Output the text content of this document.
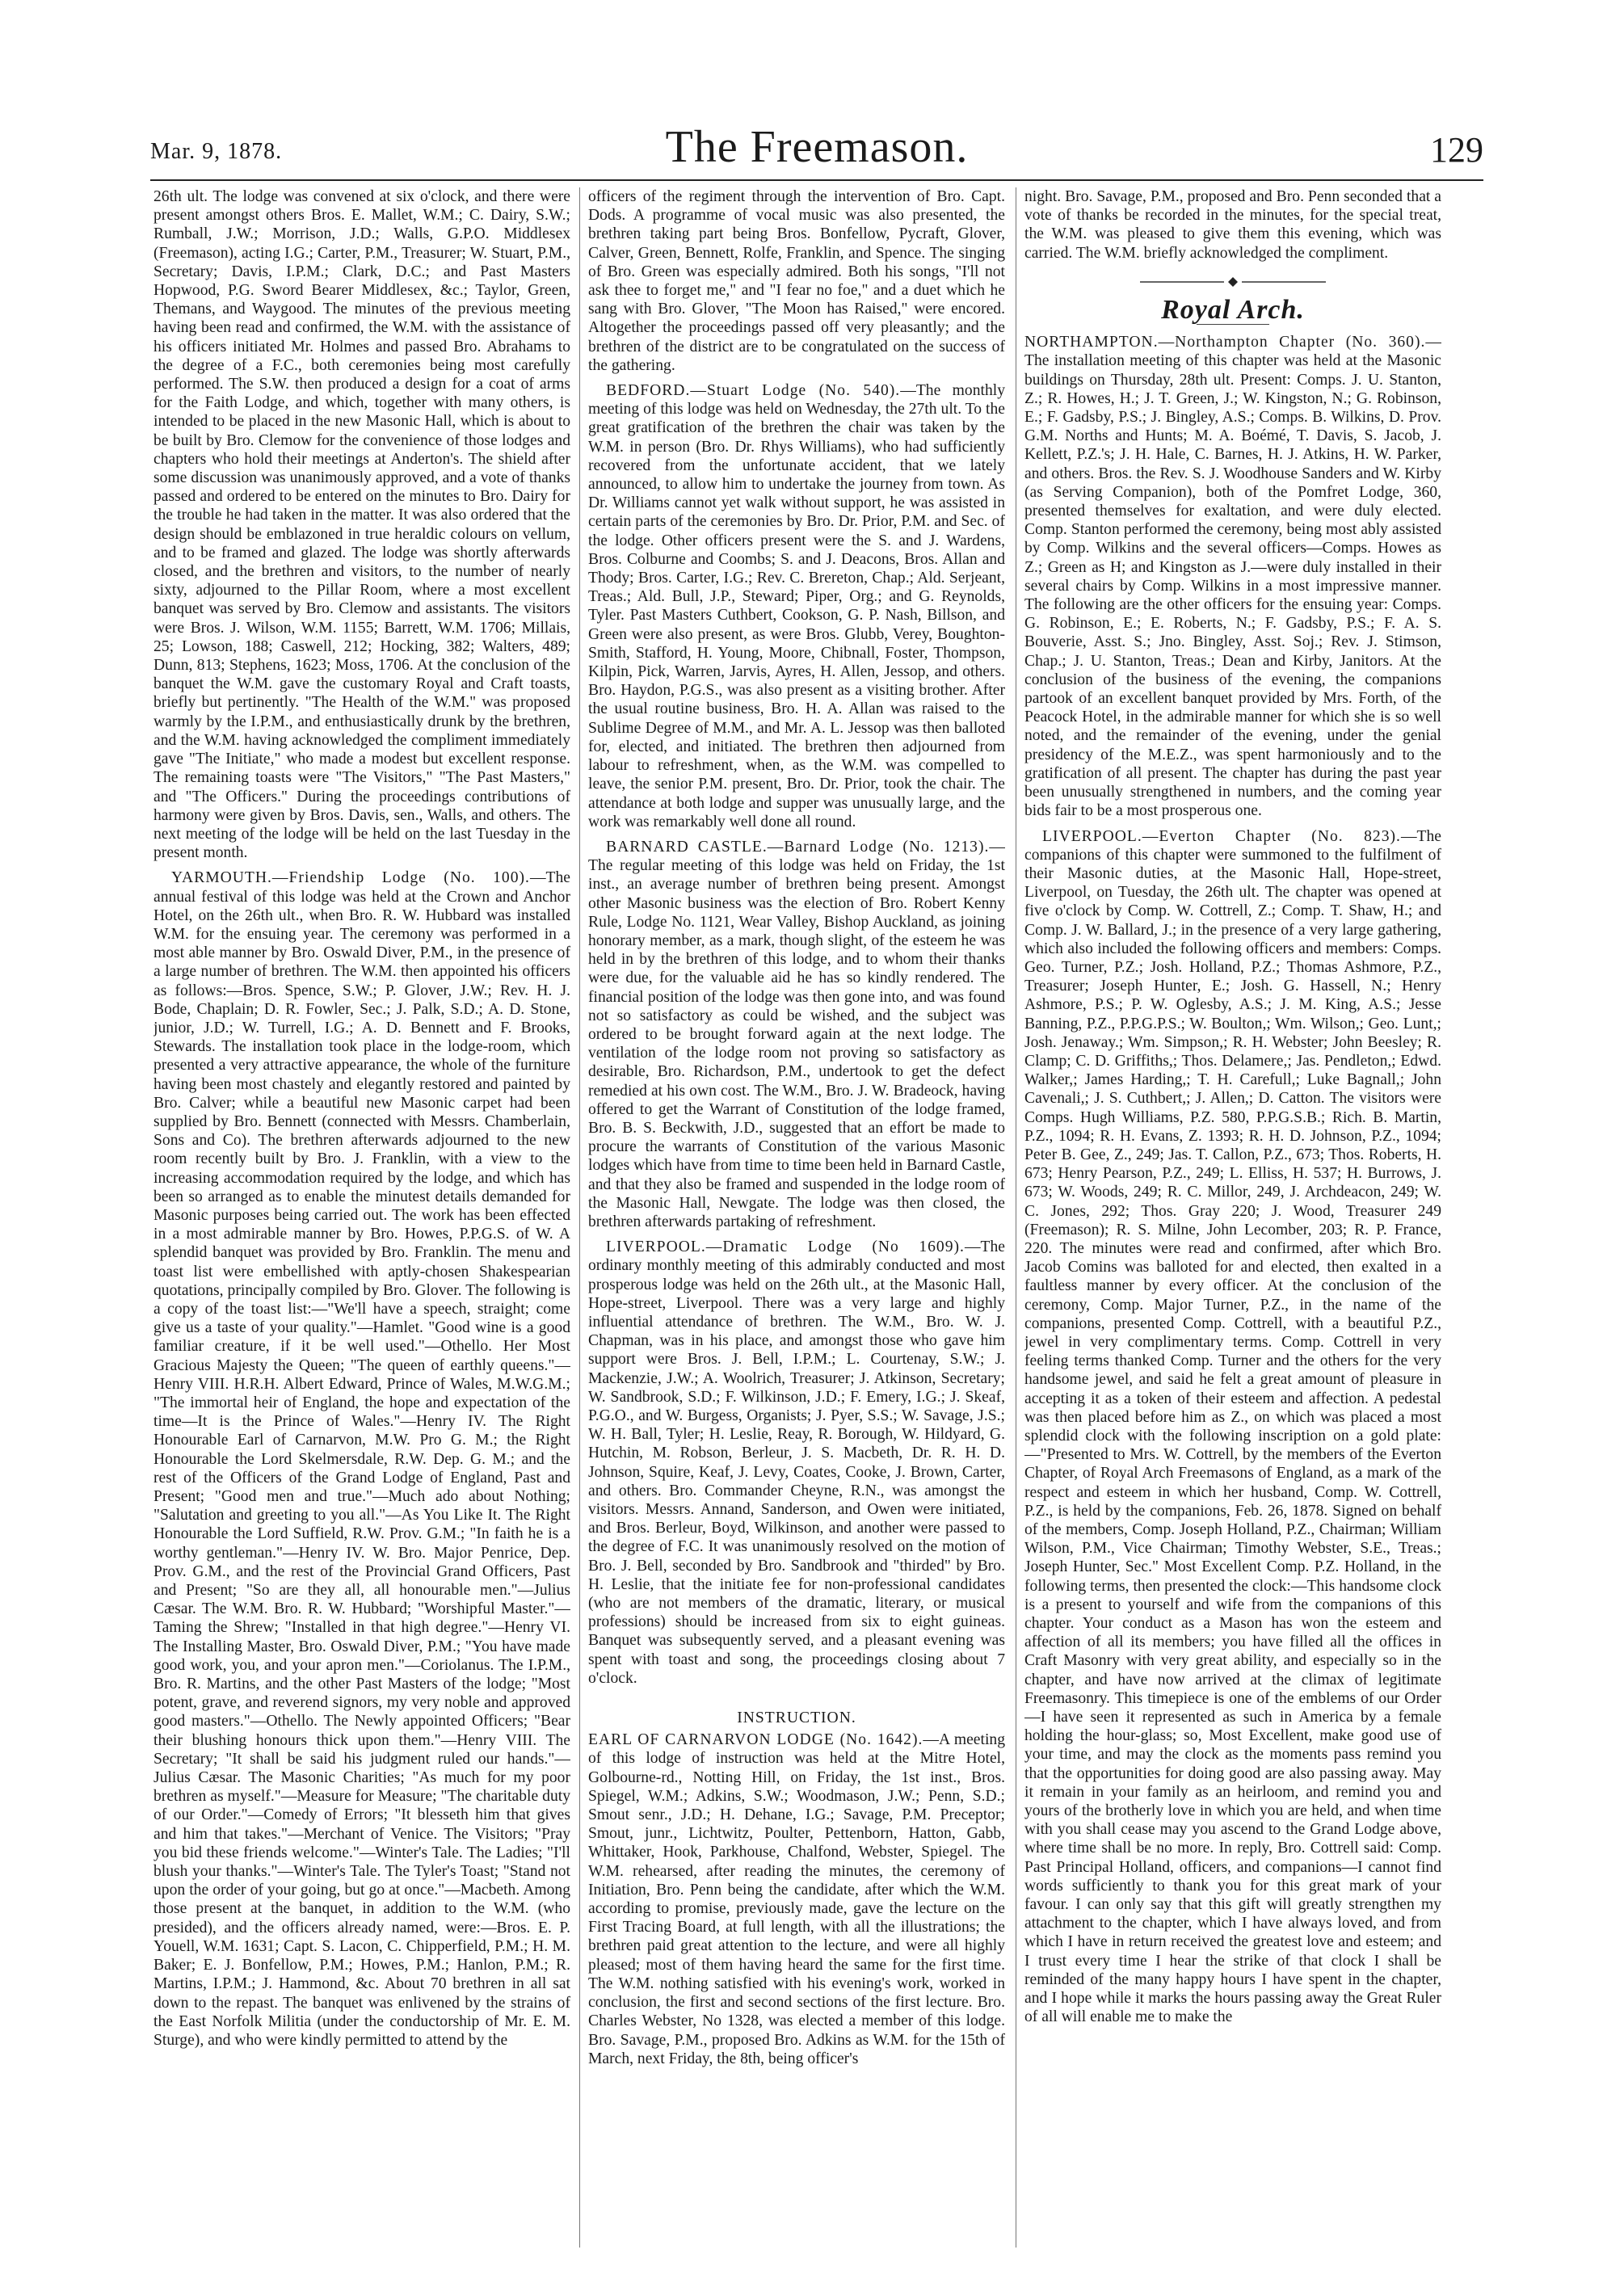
Mar. 9, 1878.	The Freemason.	129

26th ult. The lodge was convened at six o'clock, and there were present amongst others Bros. E. Mallet, W.M.; C. Dairy, S.W.; Rumball, J.W.; Morrison, J.D.; Walls, G.P.O. Middlesex (Freemason), acting I.G.; Carter, P.M., Treasurer; W. Stuart, P.M., Secretary; Davis, I.P.M.; Clark, D.C.; and Past Masters Hopwood, P.G. Sword Bearer Middlesex, &c.; Taylor, Green, Themans, and Waygood. The minutes of the previous meeting having been read and confirmed, the W.M. with the assistance of his officers initiated Mr. Holmes and passed Bro. Abrahams to the degree of a F.C., both ceremonies being most carefully performed. The S.W. then produced a design for a coat of arms for the Faith Lodge, and which, together with many others, is intended to be placed in the new Masonic Hall, which is about to be built by Bro. Clemow for the convenience of those lodges and chapters who hold their meetings at Anderton's. The shield after some discussion was unanimously approved, and a vote of thanks passed and ordered to be entered on the minutes to Bro. Dairy for the trouble he had taken in the matter. It was also ordered that the design should be emblazoned in true heraldic colours on vellum, and to be framed and glazed. The lodge was shortly afterwards closed, and the brethren and visitors, to the number of nearly sixty, adjourned to the Pillar Room, where a most excellent banquet was served by Bro. Clemow and assistants. The visitors were Bros. J. Wilson, W.M. 1155; Barrett, W.M. 1706; Millais, 25; Lowson, 188; Caswell, 212; Hocking, 382; Walters, 489; Dunn, 813; Stephens, 1623; Moss, 1706. At the conclusion of the banquet the W.M. gave the customary Royal and Craft toasts, briefly but pertinently. "The Health of the W.M." was proposed warmly by the I.P.M., and enthusiastically drunk by the brethren, and the W.M. having acknowledged the compliment immediately gave "The Initiate," who made a modest but excellent response. The remaining toasts were "The Visitors," "The Past Masters," and "The Officers." During the proceedings contributions of harmony were given by Bros. Davis, sen., Walls, and others. The next meeting of the lodge will be held on the last Tuesday in the present month.

YARMOUTH.—Friendship Lodge (No. 100).—The annual festival of this lodge was held at the Crown and Anchor Hotel, on the 26th ult., when Bro. R. W. Hubbard was installed W.M. for the ensuing year. The ceremony was performed in a most able manner by Bro. Oswald Diver, P.M., in the presence of a large number of brethren. The W.M. then appointed his officers as follows:—Bros. Spence, S.W.; P. Glover, J.W.; Rev. H. J. Bode, Chaplain; D. R. Fowler, Sec.; J. Palk, S.D.; A. D. Stone, junior, J.D.; W. Turrell, I.G.; A. D. Bennett and F. Brooks, Stewards. The installation took place in the lodge-room, which presented a very attractive appearance, the whole of the furniture having been most chastely and elegantly restored and painted by Bro. Calver; while a beautiful new Masonic carpet had been supplied by Bro. Bennett (connected with Messrs. Chamberlain, Sons and Co). The brethren afterwards adjourned to the new room recently built by Bro. J. Franklin, with a view to the increasing accommodation required by the lodge, and which has been so arranged as to enable the minutest details demanded for Masonic purposes being carried out. The work has been effected in a most admirable manner by Bro. Howes, P.P.G.S. of W. A splendid banquet was provided by Bro. Franklin. The menu and toast list were embellished with aptly-chosen Shakespearian quotations, principally compiled by Bro. Glover. The following is a copy of the toast list:—"We'll have a speech, straight; come give us a taste of your quality."—Hamlet. "Good wine is a good familiar creature, if it be well used."—Othello. Her Most Gracious Majesty the Queen; "The queen of earthly queens."—Henry VIII. H.R.H. Albert Edward, Prince of Wales, M.W.G.M.; "The immortal heir of England, the hope and expectation of the time—It is the Prince of Wales."—Henry IV. The Right Honourable Earl of Carnarvon, M.W. Pro G. M.; the Right Honourable the Lord Skelmersdale, R.W. Dep. G. M.; and the rest of the Officers of the Grand Lodge of England, Past and Present; "Good men and true."—Much ado about Nothing; "Salutation and greeting to you all."—As You Like It. The Right Honourable the Lord Suffield, R.W. Prov. G.M.; "In faith he is a worthy gentleman."—Henry IV. W. Bro. Major Penrice, Dep. Prov. G.M., and the rest of the Provincial Grand Officers, Past and Present; "So are they all, all honourable men."—Julius Cæsar. The W.M. Bro. R. W. Hubbard; "Worshipful Master."—Taming the Shrew; "Installed in that high degree."—Henry VI. The Installing Master, Bro. Oswald Diver, P.M.; "You have made good work, you, and your apron men."—Coriolanus. The I.P.M., Bro. R. Martins, and the other Past Masters of the lodge; "Most potent, grave, and reverend signors, my very noble and approved good masters."—Othello. The Newly appointed Officers; "Bear their blushing honours thick upon them."—Henry VIII. The Secretary; "It shall be said his judgment ruled our hands."—Julius Cæsar. The Masonic Charities; "As much for my poor brethren as myself."—Measure for Measure; "The charitable duty of our Order."—Comedy of Errors; "It blesseth him that gives and him that takes."—Merchant of Venice. The Visitors; "Pray you bid these friends welcome."—Winter's Tale. The Ladies; "I'll blush your thanks."—Winter's Tale. The Tyler's Toast; "Stand not upon the order of your going, but go at once."—Macbeth. Among those present at the banquet, in addition to the W.M. (who presided), and the officers already named, were:—Bros. E. P. Youell, W.M. 1631; Capt. S. Lacon, C. Chipperfield, P.M.; H. M. Baker; E. J. Bonfellow, P.M.; Howes, P.M.; Hanlon, P.M.; R. Martins, I.P.M.; J. Hammond, &c. About 70 brethren in all sat down to the repast. The banquet was enlivened by the strains of the East Norfolk Militia (under the conductorship of Mr. E. M. Sturge), and who were kindly permitted to attend by the

officers of the regiment through the intervention of Bro. Capt. Dods. A programme of vocal music was also presented, the brethren taking part being Bros. Bonfellow, Pycraft, Glover, Calver, Green, Bennett, Rolfe, Franklin, and Spence. The singing of Bro. Green was especially admired. Both his songs, "I'll not ask thee to forget me," and "I fear no foe," and a duet which he sang with Bro. Glover, "The Moon has Raised," were encored. Altogether the proceedings passed off very pleasantly; and the brethren of the district are to be congratulated on the success of the gathering.

BEDFORD.—Stuart Lodge (No. 540).—The monthly meeting of this lodge was held on Wednesday, the 27th ult. To the great gratification of the brethren the chair was taken by the W.M. in person (Bro. Dr. Rhys Williams), who had sufficiently recovered from the unfortunate accident, that we lately announced, to allow him to undertake the journey from town. As Dr. Williams cannot yet walk without support, he was assisted in certain parts of the ceremonies by Bro. Dr. Prior, P.M. and Sec. of the lodge. Other officers present were the S. and J. Wardens, Bros. Colburne and Coombs; S. and J. Deacons, Bros. Allan and Thody; Bros. Carter, I.G.; Rev. C. Brereton, Chap.; Ald. Serjeant, Treas.; Ald. Bull, J.P., Steward; Piper, Org.; and G. Reynolds, Tyler. Past Masters Cuthbert, Cookson, G. P. Nash, Billson, and Green were also present, as were Bros. Glubb, Verey, Boughton-Smith, Stafford, H. Young, Moore, Chibnall, Foster, Thompson, Kilpin, Pick, Warren, Jarvis, Ayres, H. Allen, Jessop, and others. Bro. Haydon, P.G.S., was also present as a visiting brother. After the usual routine business, Bro. H. A. Allan was raised to the Sublime Degree of M.M., and Mr. A. L. Jessop was then balloted for, elected, and initiated. The brethren then adjourned from labour to refreshment, when, as the W.M. was compelled to leave, the senior P.M. present, Bro. Dr. Prior, took the chair. The attendance at both lodge and supper was unusually large, and the work was remarkably well done all round.

BARNARD CASTLE.—Barnard Lodge (No. 1213).—The regular meeting of this lodge was held on Friday, the 1st inst., an average number of brethren being present. Amongst other Masonic business was the election of Bro. Robert Kenny Rule, Lodge No. 1121, Wear Valley, Bishop Auckland, as joining honorary member, as a mark, though slight, of the esteem he was held in by the brethren of this lodge, and to whom their thanks were due, for the valuable aid he has so kindly rendered. The financial position of the lodge was then gone into, and was found not so satisfactory as could be wished, and the subject was ordered to be brought forward again at the next lodge. The ventilation of the lodge room not proving so satisfactory as desirable, Bro. Richardson, P.M., undertook to get the defect remedied at his own cost. The W.M., Bro. J. W. Bradeock, having offered to get the Warrant of Constitution of the lodge framed, Bro. B. S. Beckwith, J.D., suggested that an effort be made to procure the warrants of Constitution of the various Masonic lodges which have from time to time been held in Barnard Castle, and that they also be framed and suspended in the lodge room of the Masonic Hall, Newgate. The lodge was then closed, the brethren afterwards partaking of refreshment.

LIVERPOOL.—Dramatic Lodge (No 1609).—The ordinary monthly meeting of this admirably conducted and most prosperous lodge was held on the 26th ult., at the Masonic Hall, Hope-street, Liverpool. There was a very large and highly influential attendance of brethren. The W.M., Bro. W. J. Chapman, was in his place, and amongst those who gave him support were Bros. J. Bell, I.P.M.; L. Courtenay, S.W.; J. Mackenzie, J.W.; A. Woolrich, Treasurer; J. Atkinson, Secretary; W. Sandbrook, S.D.; F. Wilkinson, J.D.; F. Emery, I.G.; J. Skeaf, P.G.O., and W. Burgess, Organists; J. Pyer, S.S.; W. Savage, J.S.; W. H. Ball, Tyler; H. Leslie, Reay, R. Borough, W. Hildyard, G. Hutchin, M. Robson, Berleur, J. S. Macbeth, Dr. R. H. D. Johnson, Squire, Keaf, J. Levy, Coates, Cooke, J. Brown, Carter, and others. Bro. Commander Cheyne, R.N., was amongst the visitors. Messrs. Annand, Sanderson, and Owen were initiated, and Bros. Berleur, Boyd, Wilkinson, and another were passed to the degree of F.C. It was unanimously resolved on the motion of Bro. J. Bell, seconded by Bro. Sandbrook and "thirded" by Bro. H. Leslie, that the initiate fee for non-professional candidates (who are not members of the dramatic, literary, or musical professions) should be increased from six to eight guineas. Banquet was subsequently served, and a pleasant evening was spent with toast and song, the proceedings closing about 7 o'clock.

INSTRUCTION.

EARL OF CARNARVON LODGE (No. 1642).—A meeting of this lodge of instruction was held at the Mitre Hotel, Golbourne-rd., Notting Hill, on Friday, the 1st inst., Bros. Spiegel, W.M.; Adkins, S.W.; Woodmason, J.W.; Penn, S.D.; Smout senr., J.D.; H. Dehane, I.G.; Savage, P.M. Preceptor; Smout, junr., Lichtwitz, Poulter, Pettenborn, Hatton, Gabb, Whittaker, Hook, Parkhouse, Chalfond, Webster, Spiegel. The W.M. rehearsed, after reading the minutes, the ceremony of Initiation, Bro. Penn being the candidate, after which the W.M. according to promise, previously made, gave the lecture on the First Tracing Board, at full length, with all the illustrations; the brethren paid great attention to the lecture, and were all highly pleased; most of them having heard the same for the first time. The W.M. nothing satisfied with his evening's work, worked in conclusion, the first and second sections of the first lecture. Bro. Charles Webster, No 1328, was elected a member of this lodge. Bro. Savage, P.M., proposed Bro. Adkins as W.M. for the 15th of March, next Friday, the 8th, being officer's

night. Bro. Savage, P.M., proposed and Bro. Penn seconded that a vote of thanks be recorded in the minutes, for the special treat, the W.M. was pleased to give them this evening, which was carried. The W.M. briefly acknowledged the compliment.

Royal Arch.

NORTHAMPTON.—Northampton Chapter (No. 360).—The installation meeting of this chapter was held at the Masonic buildings on Thursday, 28th ult. Present: Comps. J. U. Stanton, Z.; R. Howes, H.; J. T. Green, J.; W. Kingston, N.; G. Robinson, E.; F. Gadsby, P.S.; J. Bingley, A.S.; Comps. B. Wilkins, D. Prov. G.M. Norths and Hunts; M. A. Boémé, T. Davis, S. Jacob, J. Kellett, P.Z.'s; J. H. Hale, C. Barnes, H. J. Atkins, H. W. Parker, and others. Bros. the Rev. S. J. Woodhouse Sanders and W. Kirby (as Serving Companion), both of the Pomfret Lodge, 360, presented themselves for exaltation, and were duly elected. Comp. Stanton performed the ceremony, being most ably assisted by Comp. Wilkins and the several officers—Comps. Howes as Z.; Green as H; and Kingston as J.—were duly installed in their several chairs by Comp. Wilkins in a most impressive manner. The following are the other officers for the ensuing year: Comps. G. Robinson, E.; E. Roberts, N.; F. Gadsby, P.S.; F. A. S. Bouverie, Asst. S.; Jno. Bingley, Asst. Soj.; Rev. J. Stimson, Chap.; J. U. Stanton, Treas.; Dean and Kirby, Janitors. At the conclusion of the business of the evening, the companions partook of an excellent banquet provided by Mrs. Forth, of the Peacock Hotel, in the admirable manner for which she is so well noted, and the remainder of the evening, under the genial presidency of the M.E.Z., was spent harmoniously and to the gratification of all present. The chapter has during the past year been unusually strengthened in numbers, and the coming year bids fair to be a most prosperous one.

LIVERPOOL.—Everton Chapter (No. 823).—The companions of this chapter were summoned to the fulfilment of their Masonic duties, at the Masonic Hall, Hope-street, Liverpool, on Tuesday, the 26th ult. The chapter was opened at five o'clock by Comp. W. Cottrell, Z.; Comp. T. Shaw, H.; and Comp. J. W. Ballard, J.; in the presence of a very large gathering, which also included the following officers and members: Comps. Geo. Turner, P.Z.; Josh. Holland, P.Z.; Thomas Ashmore, P.Z., Treasurer; Joseph Hunter, E.; Josh. G. Hassell, N.; Henry Ashmore, P.S.; P. W. Oglesby, A.S.; J. M. King, A.S.; Jesse Banning, P.Z., P.P.G.P.S.; W. Boulton,; Wm. Wilson,; Geo. Lunt,; Josh. Jenaway.; Wm. Simpson,; R. H. Webster; John Beesley; R. Clamp; C. D. Griffiths,; Thos. Delamere,; Jas. Pendleton,; Edwd. Walker,; James Harding,; T. H. Carefull,; Luke Bagnall,; John Cavenali,; J. S. Cuthbert,; J. Allen,; D. Catton. The visitors were Comps. Hugh Williams, P.Z. 580, P.P.G.S.B.; Rich. B. Martin, P.Z., 1094; R. H. Evans, Z. 1393; R. H. D. Johnson, P.Z., 1094; Peter B. Gee, Z., 249; Jas. T. Callon, P.Z., 673; Thos. Roberts, H. 673; Henry Pearson, P.Z., 249; L. Elliss, H. 537; H. Burrows, J. 673; W. Woods, 249; R. C. Millor, 249, J. Archdeacon, 249; W. C. Jones, 292; Thos. Gray 220; J. Wood, Treasurer 249 (Freemason); R. S. Milne, John Lecomber, 203; R. P. France, 220. The minutes were read and confirmed, after which Bro. Jacob Comins was balloted for and elected, then exalted in a faultless manner by every officer. At the conclusion of the ceremony, Comp. Major Turner, P.Z., in the name of the companions, presented Comp. Cottrell, with a beautiful P.Z., jewel in very complimentary terms. Comp. Cottrell in very feeling terms thanked Comp. Turner and the others for the very handsome jewel, and said he felt a great amount of pleasure in accepting it as a token of their esteem and affection. A pedestal was then placed before him as Z., on which was placed a most splendid clock with the following inscription on a gold plate:—"Presented to Mrs. W. Cottrell, by the members of the Everton Chapter, of Royal Arch Freemasons of England, as a mark of the respect and esteem in which her husband, Comp. W. Cottrell, P.Z., is held by the companions, Feb. 26, 1878. Signed on behalf of the members, Comp. Joseph Holland, P.Z., Chairman; William Wilson, P.M., Vice Chairman; Timothy Webster, S.E., Treas.; Joseph Hunter, Sec." Most Excellent Comp. P.Z. Holland, in the following terms, then presented the clock:—This handsome clock is a present to yourself and wife from the companions of this chapter. Your conduct as a Mason has won the esteem and affection of all its members; you have filled all the offices in Craft Masonry with very great ability, and especially so in the chapter, and have now arrived at the climax of legitimate Freemasonry. This timepiece is one of the emblems of our Order—I have seen it represented as such in America by a female holding the hour-glass; so, Most Excellent, make good use of your time, and may the clock as the moments pass remind you that the opportunities for doing good are also passing away. May it remain in your family as an heirloom, and remind you and yours of the brotherly love in which you are held, and when time with you shall cease may you ascend to the Grand Lodge above, where time shall be no more. In reply, Bro. Cottrell said: Comp. Past Principal Holland, officers, and companions—I cannot find words sufficiently to thank you for this great mark of your favour. I can only say that this gift will greatly strengthen my attachment to the chapter, which I have always loved, and from which I have in return received the greatest love and esteem; and I trust every time I hear the strike of that clock I shall be reminded of the many happy hours I have spent in the chapter, and I hope while it marks the hours passing away the Great Ruler of all will enable me to make the
